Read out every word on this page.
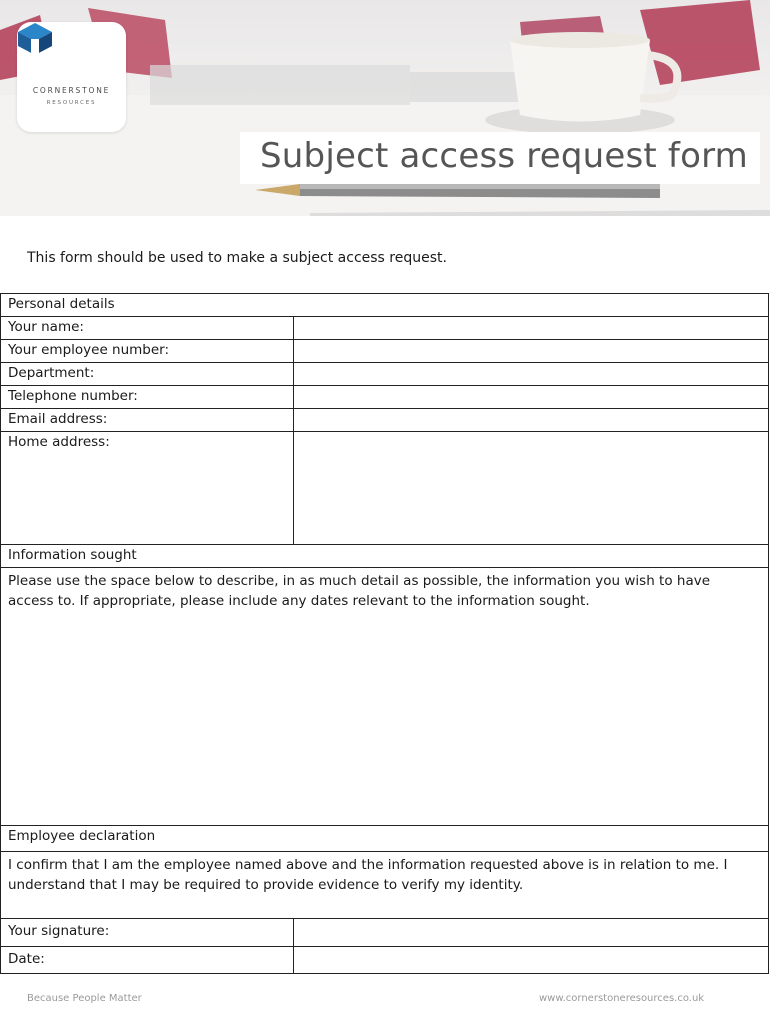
CORNERSTONE
RESOURCES
Subject access request form
This form should be used to make a subject access request.
Personal details
Your name:
Your employee number:
Department:
Telephone number:
Email address:
Home address:
Information sought
Please use the space below to describe, in as much detail as possible, the information you wish to have access to. If appropriate, please include any dates relevant to the information sought.
Employee declaration
I confirm that I am the employee named above and the information requested above is in relation to me. I understand that I may be required to provide evidence to verify my identity.
Your signature:
Date:
Because People Matter	www.cornerstoneresources.co.uk
